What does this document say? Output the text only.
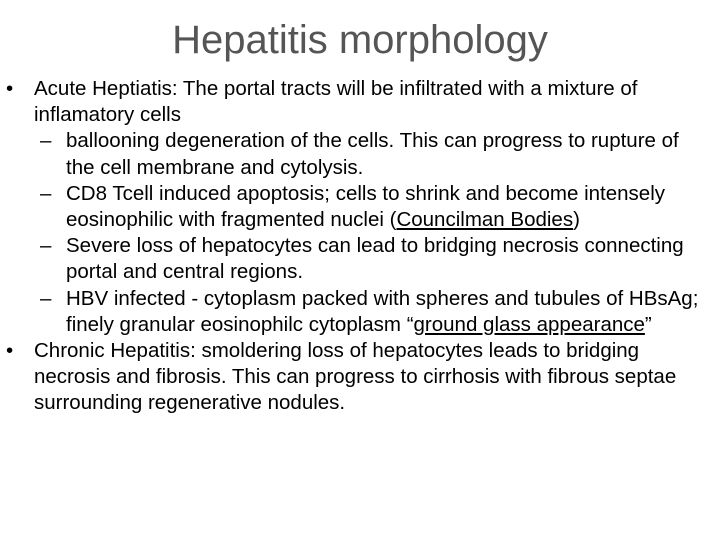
Hepatitis morphology
• Acute Heptiatis: The portal tracts will be infiltrated with a mixture of inflamatory cells
– ballooning degeneration of the cells. This can progress to rupture of the cell membrane and cytolysis.
– CD8 Tcell induced apoptosis; cells to shrink and become intensely eosinophilic with fragmented nuclei (Councilman Bodies)
– Severe loss of hepatocytes can lead to bridging necrosis connecting portal and central regions.
– HBV infected - cytoplasm packed with spheres and tubules of HBsAg; finely granular eosinophilc cytoplasm “ground glass appearance”
• Chronic Hepatitis: smoldering loss of hepatocytes leads to bridging necrosis and fibrosis. This can progress to cirrhosis with fibrous septae surrounding regenerative nodules.
